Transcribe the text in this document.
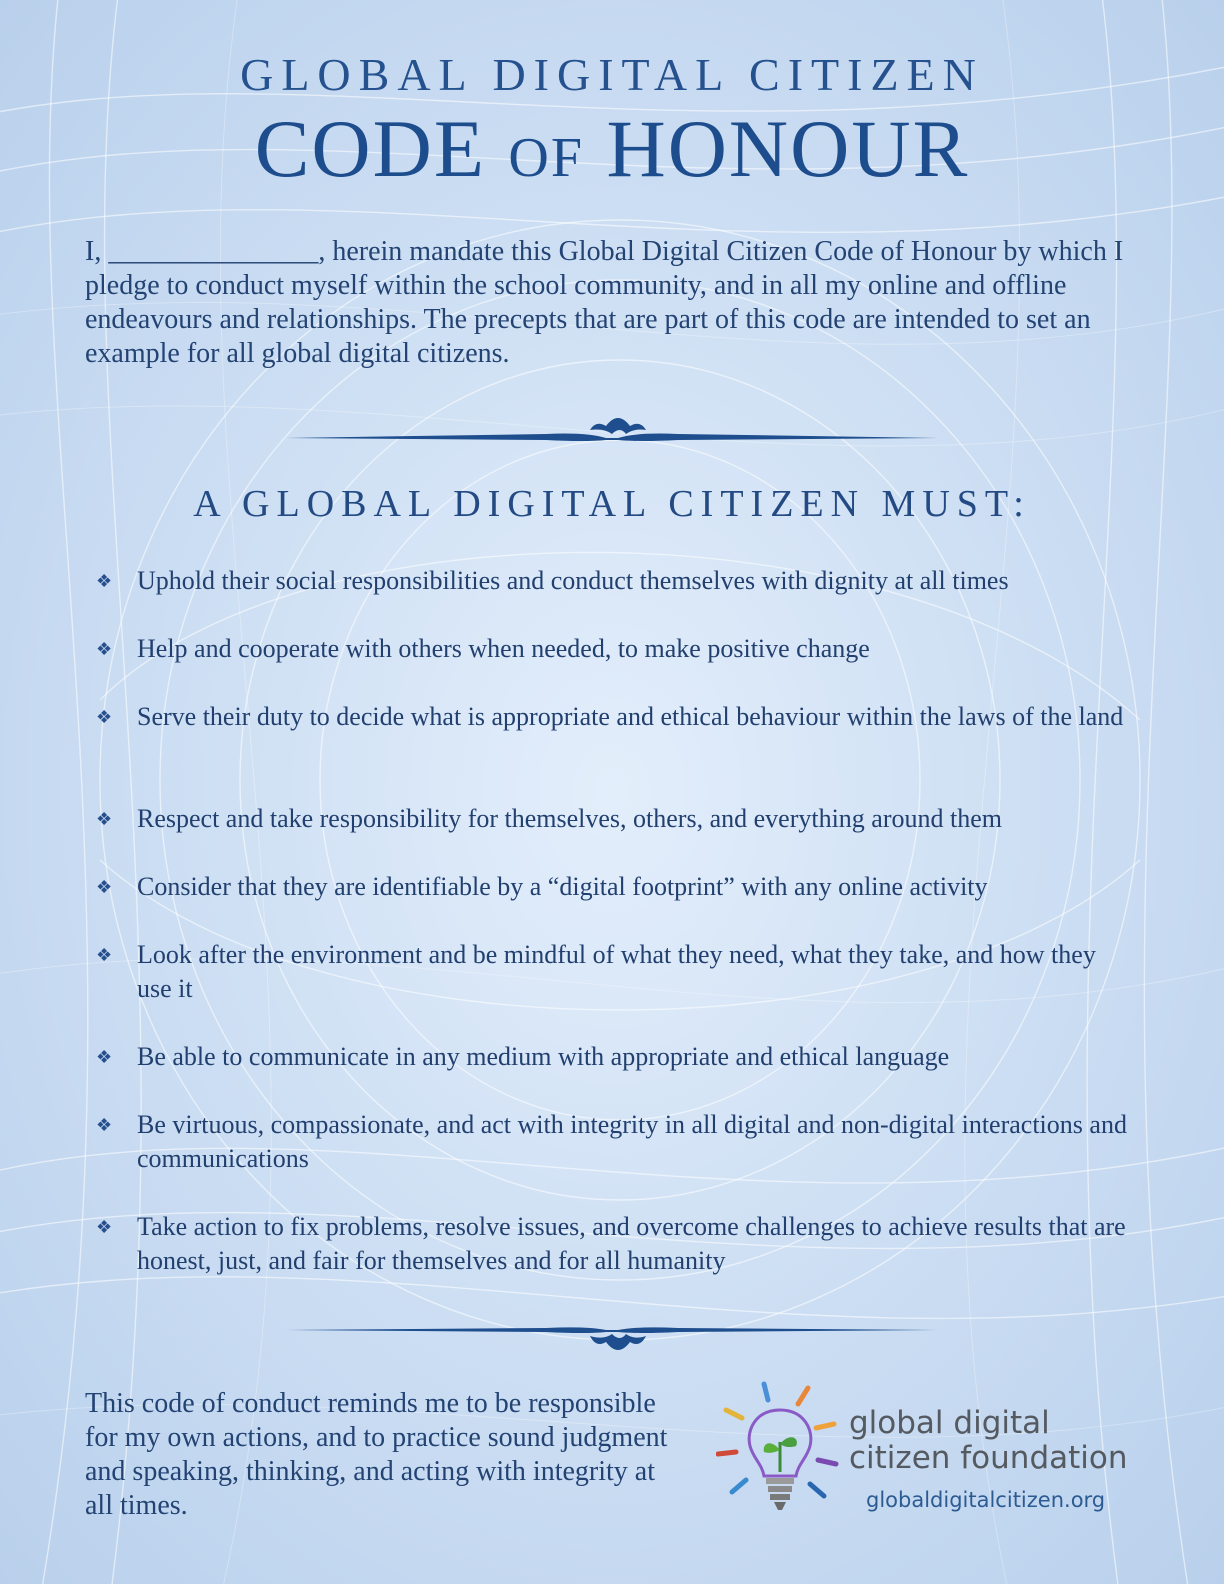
GLOBAL DIGITAL CITIZEN
CODE OF HONOUR
I, _______________, herein mandate this Global Digital Citizen Code of Honour by which I pledge to conduct myself within the school community, and in all my online and offline endeavours and relationships. The precepts that are part of this code are intended to set an example for all global digital citizens.
A GLOBAL DIGITAL CITIZEN MUST:
❖ Uphold their social responsibilities and conduct themselves with dignity at all times
❖ Help and cooperate with others when needed, to make positive change
❖ Serve their duty to decide what is appropriate and ethical behaviour within the laws of the land
❖ Respect and take responsibility for themselves, others, and everything around them
❖ Consider that they are identifiable by a “digital footprint” with any online activity
❖ Look after the environment and be mindful of what they need, what they take, and how they use it
❖ Be able to communicate in any medium with appropriate and ethical language
❖ Be virtuous, compassionate, and act with integrity in all digital and non-digital interactions and communications
❖ Take action to fix problems, resolve issues, and overcome challenges to achieve results that are honest, just, and fair for themselves and for all humanity
This code of conduct reminds me to be responsible for my own actions, and to practice sound judgment and speaking, thinking, and acting with integrity at all times.
global digital
citizen foundation
globaldigitalcitizen.org
